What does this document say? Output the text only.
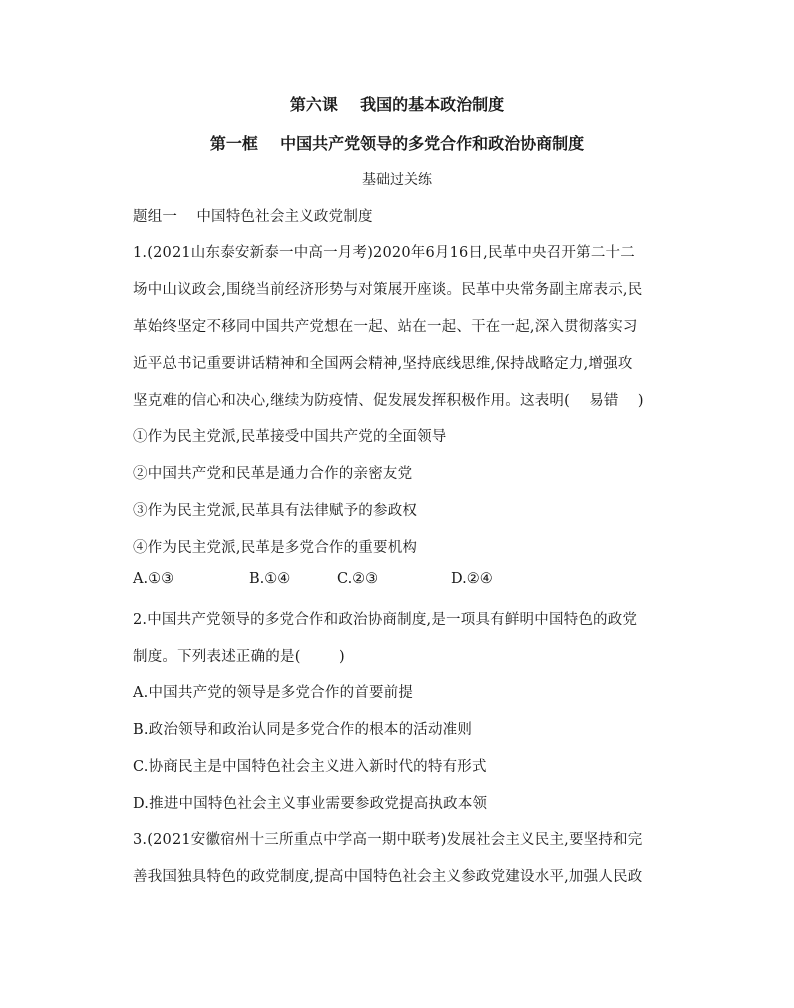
第六课    我国的基本政治制度
第一框    中国共产党领导的多党合作和政治协商制度
基础过关练
题组一    中国特色社会主义政党制度
1.(2021山东泰安新泰一中高一月考)2020年6月16日,民革中央召开第二十二
场中山议政会,围绕当前经济形势与对策展开座谈。民革中央常务副主席表示,民
革始终坚定不移同中国共产党想在一起、站在一起、干在一起,深入贯彻落实习
近平总书记重要讲话精神和全国两会精神,坚持底线思维,保持战略定力,增强攻
坚克难的信心和决心,继续为防疫情、促发展发挥积极作用。这表明(    易错    )
①作为民主党派,民革接受中国共产党的全面领导
②中国共产党和民革是通力合作的亲密友党
③作为民主党派,民革具有法律赋予的参政权
④作为民主党派,民革是多党合作的重要机构
A.①③	B.①④	C.②③	D.②④
2.中国共产党领导的多党合作和政治协商制度,是一项具有鲜明中国特色的政党
制度。下列表述正确的是(        )
A.中国共产党的领导是多党合作的首要前提
B.政治领导和政治认同是多党合作的根本的活动准则
C.协商民主是中国特色社会主义进入新时代的特有形式
D.推进中国特色社会主义事业需要参政党提高执政本领
3.(2021安徽宿州十三所重点中学高一期中联考)发展社会主义民主,要坚持和完
善我国独具特色的政党制度,提高中国特色社会主义参政党建设水平,加强人民政
